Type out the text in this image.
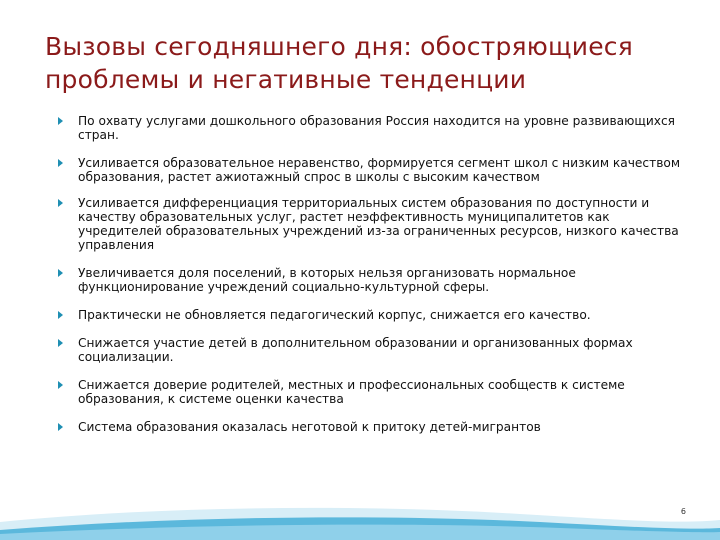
Вызовы сегодняшнего дня: обостряющиеся проблемы и негативные тенденции
По охвату услугами дошкольного образования Россия находится на уровне развивающихся стран.
Усиливается образовательное неравенство, формируется сегмент школ с низким качеством образования, растет ажиотажный спрос в школы с высоким качеством
Усиливается дифференциация территориальных систем образования по доступности и качеству образовательных услуг, растет неэффективность муниципалитетов как учредителей образовательных учреждений из-за ограниченных ресурсов, низкого качества управления
Увеличивается доля поселений, в которых нельзя организовать нормальное функционирование учреждений социально-культурной сферы.
Практически не обновляется педагогический корпус, снижается его качество.
Снижается участие детей в дополнительном образовании и организованных формах социализации.
Снижается доверие родителей, местных и профессиональных сообществ к системе образования, к системе оценки качества
Система образования оказалась неготовой к притоку детей-мигрантов
6
